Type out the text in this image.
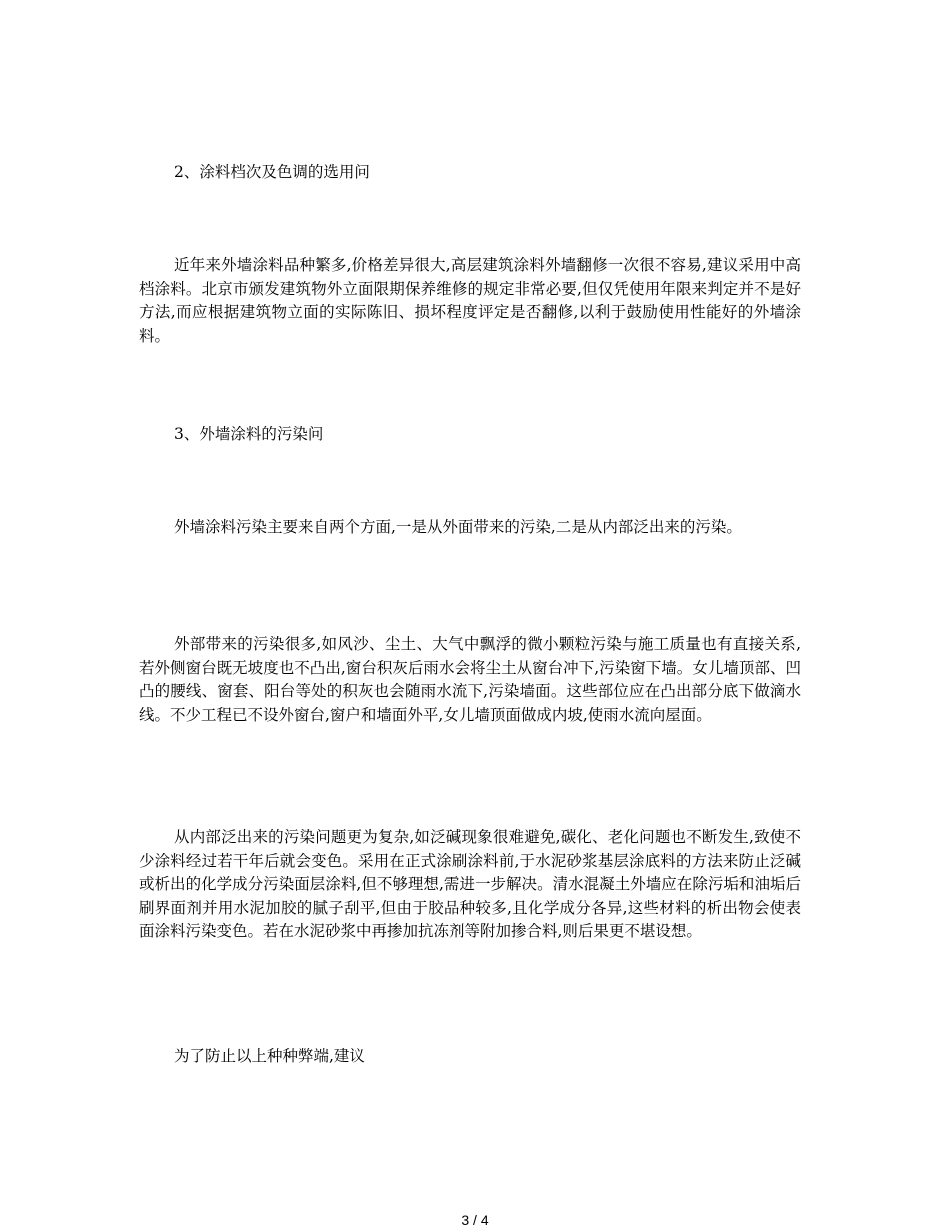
2、涂料档次及色调的选用问

近年来外墙涂料品种繁多,价格差异很大,高层建筑涂料外墙翻修一次很不容易,建议采用中高档涂料。北京市颁发建筑物外立面限期保养维修的规定非常必要,但仅凭使用年限来判定并不是好方法,而应根据建筑物立面的实际陈旧、损坏程度评定是否翻修,以利于鼓励使用性能好的外墙涂料。

3、外墙涂料的污染问

外墙涂料污染主要来自两个方面,一是从外面带来的污染,二是从内部泛出来的污染。

外部带来的污染很多,如风沙、尘土、大气中飘浮的微小颗粒污染与施工质量也有直接关系,若外侧窗台既无坡度也不凸出,窗台积灰后雨水会将尘土从窗台冲下,污染窗下墙。女儿墙顶部、凹凸的腰线、窗套、阳台等处的积灰也会随雨水流下,污染墙面。这些部位应在凸出部分底下做滴水线。不少工程已不设外窗台,窗户和墙面外平,女儿墙顶面做成内坡,使雨水流向屋面。

从内部泛出来的污染问题更为复杂,如泛碱现象很难避免,碳化、老化问题也不断发生,致使不少涂料经过若干年后就会变色。采用在正式涂刷涂料前,于水泥砂浆基层涂底料的方法来防止泛碱或析出的化学成分污染面层涂料,但不够理想,需进一步解决。清水混凝土外墙应在除污垢和油垢后刷界面剂并用水泥加胶的腻子刮平,但由于胶品种较多,且化学成分各异,这些材料的析出物会使表面涂料污染变色。若在水泥砂浆中再掺加抗冻剂等附加掺合料,则后果更不堪设想。

为了防止以上种种弊端,建议

3 / 4
